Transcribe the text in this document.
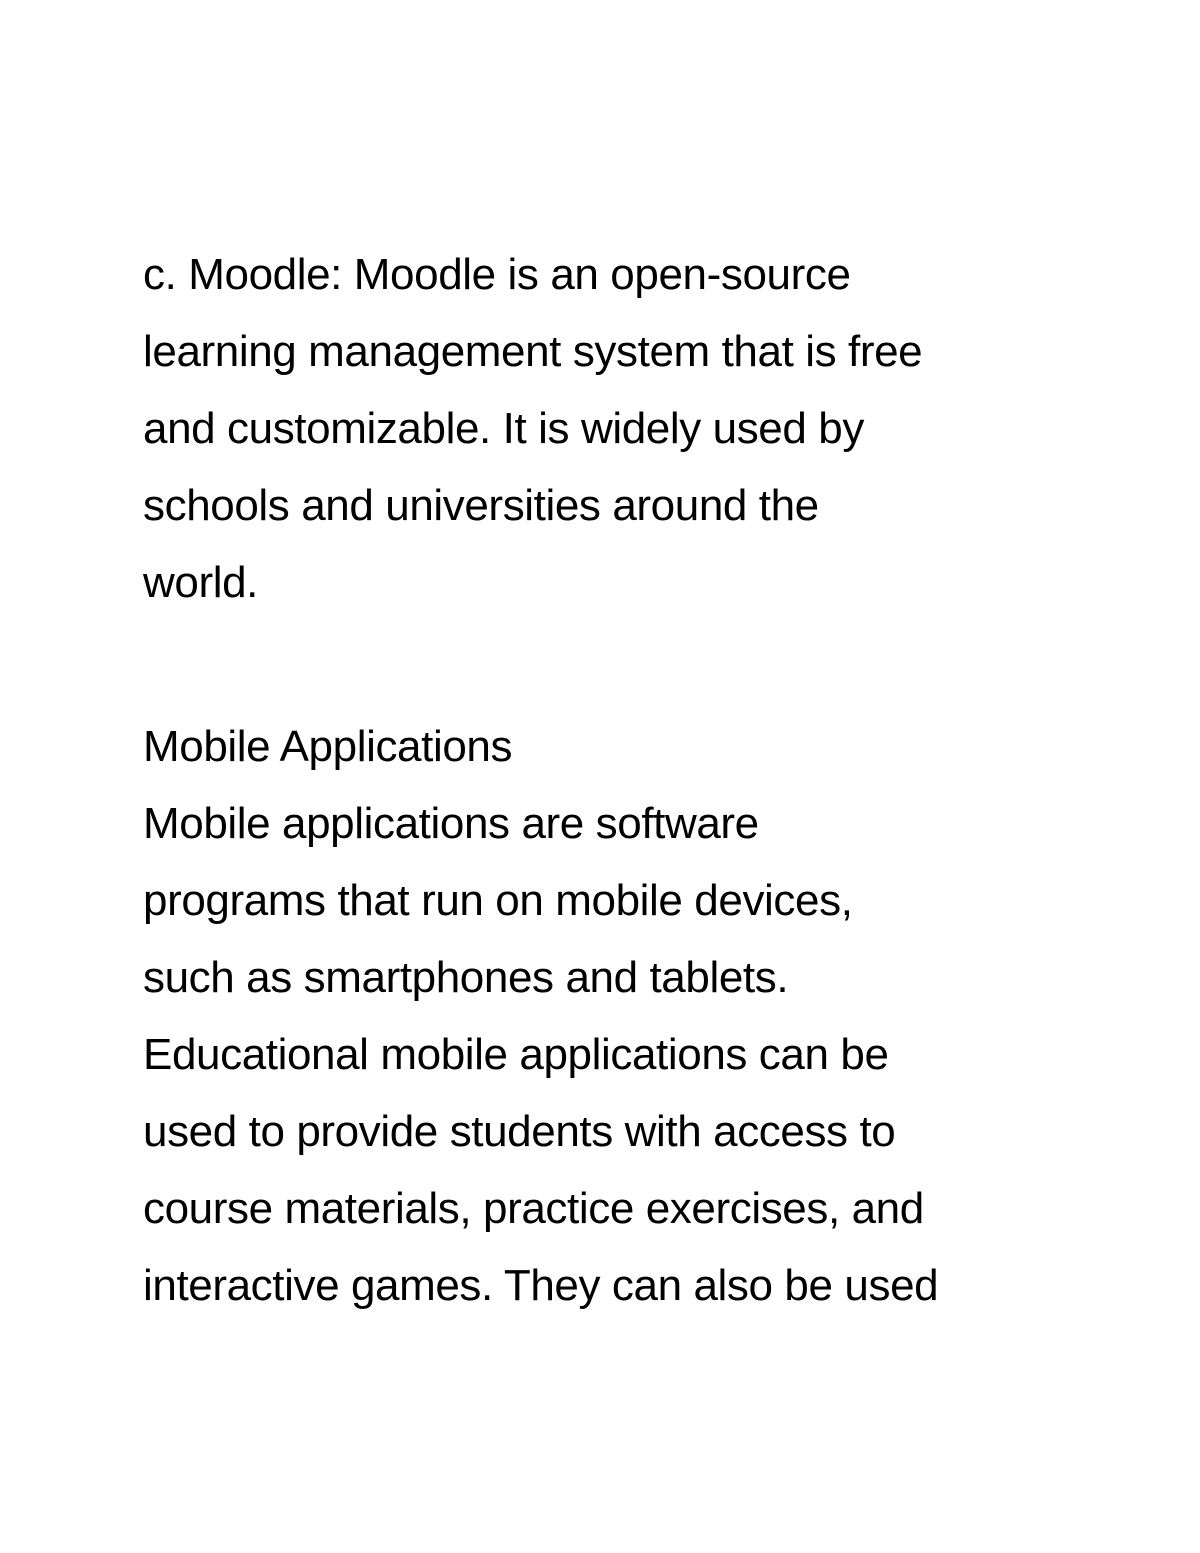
c. Moodle: Moodle is an open-source
learning management system that is free
and customizable. It is widely used by
schools and universities around the
world.

Mobile Applications

Mobile applications are software
programs that run on mobile devices,
such as smartphones and tablets.
Educational mobile applications can be
used to provide students with access to
course materials, practice exercises, and
interactive games. They can also be used
